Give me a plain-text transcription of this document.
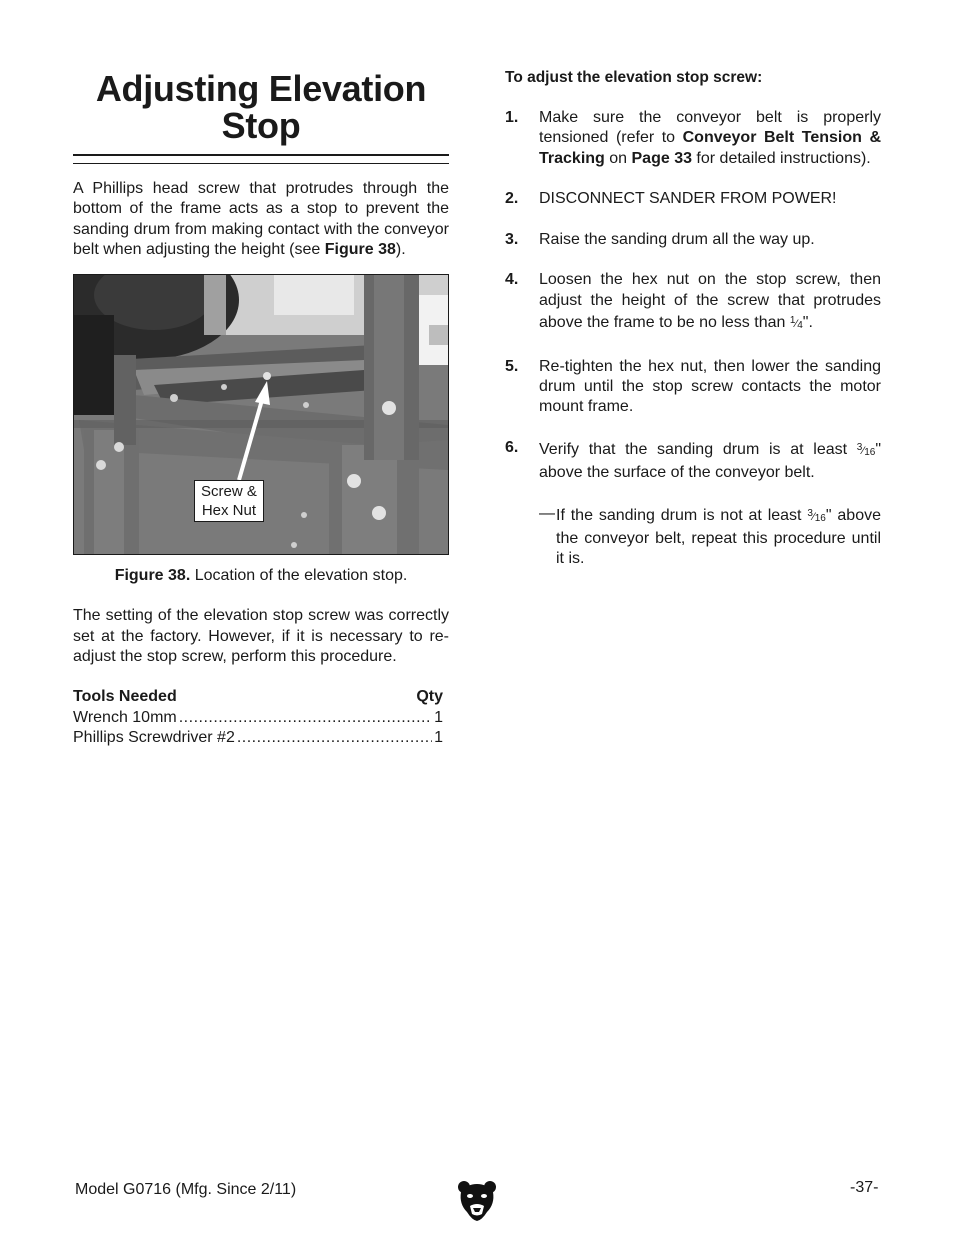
Adjusting Elevation
Stop

A Phillips head screw that protrudes through the bottom of the frame acts as a stop to prevent the sanding drum from making contact with the conveyor belt when adjusting the height (see Figure 38).

Screw &
Hex Nut
Figure 38. Location of the elevation stop.

The setting of the elevation stop screw was correctly set at the factory. However, if it is necessary to re-adjust the stop screw, perform this procedure.

Tools Needed	Qty
Wrench 10mm .....	1
Phillips Screwdriver #2 .....	1
To adjust the elevation stop screw:
1.	Make sure the conveyor belt is properly tensioned (refer to Conveyor Belt Tension & Tracking on Page 33 for detailed instructions).
2.	DISCONNECT SANDER FROM POWER!
3.	Raise the sanding drum all the way up.
4.	Loosen the hex nut on the stop screw, then adjust the height of the screw that protrudes above the frame to be no less than $^1⁄_4$".
5.	Re-tighten the hex nut, then lower the sanding drum until the stop screw contacts the motor mount frame.
6.	Verify that the sanding drum is at least $^3⁄_{16}$" above the surface of the conveyor belt.
— If the sanding drum is not at least $^3⁄_{16}$" above the conveyor belt, repeat this procedure until it is.
Model G0716 (Mfg. Since 2/11)	-37-
